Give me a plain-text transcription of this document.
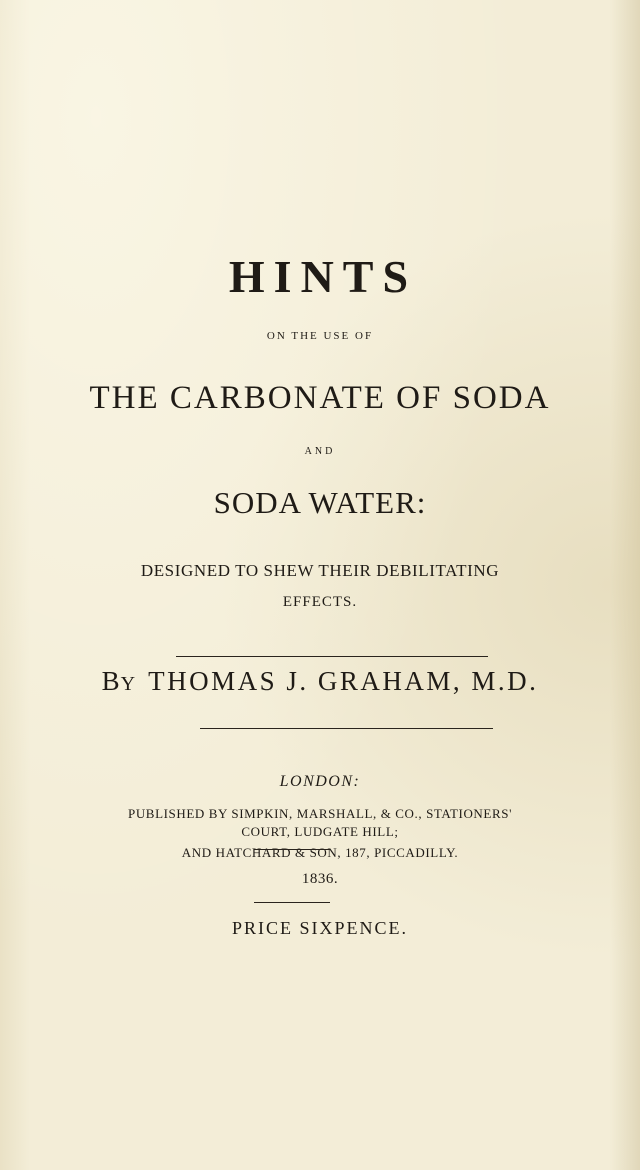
HINTS
ON THE USE OF
THE CARBONATE OF SODA
AND
SODA WATER:
DESIGNED TO SHEW THEIR DEBILITATING
EFFECTS.
BY THOMAS J. GRAHAM, M.D.
LONDON:
PUBLISHED BY SIMPKIN, MARSHALL, & CO., STATIONERS'
COURT, LUDGATE HILL;
AND HATCHARD & SON, 187, PICCADILLY.
1836.
PRICE SIXPENCE.
